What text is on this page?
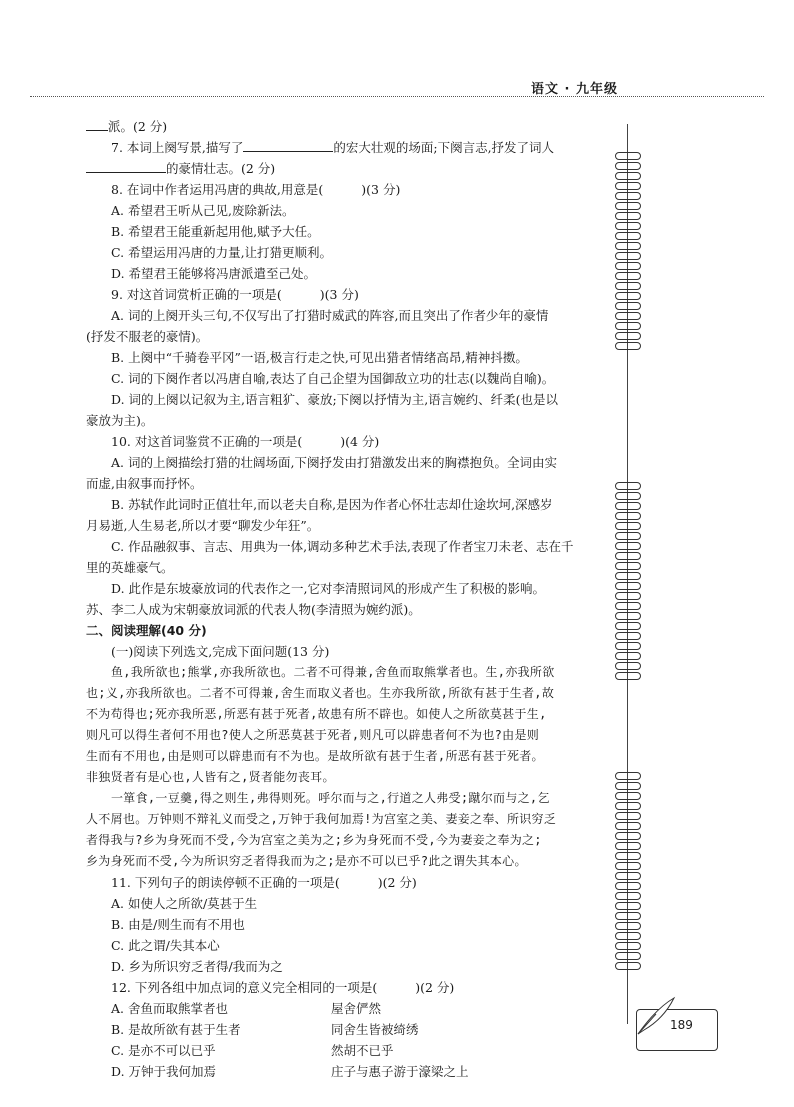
语文 · 九年级
派。(2 分)
7. 本词上阕写景,描写了	的宏大壮观的场面;下阕言志,抒发了词人
的豪情壮志。(2 分)
8. 在词中作者运用冯唐的典故,用意是(	)(3 分)
A. 希望君王听从己见,废除新法。
B. 希望君王能重新起用他,赋予大任。
C. 希望运用冯唐的力量,让打猎更顺利。
D. 希望君王能够将冯唐派遣至己处。
9. 对这首词赏析正确的一项是(	)(3 分)
A. 词的上阕开头三句,不仅写出了打猎时威武的阵容,而且突出了作者少年的豪情
(抒发不服老的豪情)。
B. 上阕中“千骑卷平冈”一语,极言行走之快,可见出猎者情绪高昂,精神抖擞。
C. 词的下阕作者以冯唐自喻,表达了自己企望为国御敌立功的壮志(以魏尚自喻)。
D. 词的上阕以记叙为主,语言粗犷、豪放;下阕以抒情为主,语言婉约、纤柔(也是以
豪放为主)。
10. 对这首词鉴赏不正确的一项是(	)(4 分)
A. 词的上阕描绘打猎的壮阔场面,下阕抒发由打猎激发出来的胸襟抱负。全词由实
而虚,由叙事而抒怀。
B. 苏轼作此词时正值壮年,而以老夫自称,是因为作者心怀壮志却仕途坎坷,深感岁
月易逝,人生易老,所以才要“聊发少年狂”。
C. 作品融叙事、言志、用典为一体,调动多种艺术手法,表现了作者宝刀未老、志在千
里的英雄豪气。
D. 此作是东坡豪放词的代表作之一,它对李清照词风的形成产生了积极的影响。
苏、李二人成为宋朝豪放词派的代表人物(李清照为婉约派)。
二、阅读理解(40 分)
(一)阅读下列选文,完成下面问题(13 分)
鱼,我所欲也;熊掌,亦我所欲也。二者不可得兼,舍鱼而取熊掌者也。生,亦我所欲
也;义,亦我所欲也。二者不可得兼,舍生而取义者也。生亦我所欲,所欲有甚于生者,故
不为苟得也;死亦我所恶,所恶有甚于死者,故患有所不辟也。如使人之所欲莫甚于生,
则凡可以得生者何不用也?使人之所恶莫甚于死者,则凡可以辟患者何不为也?由是则
生而有不用也,由是则可以辟患而有不为也。是故所欲有甚于生者,所恶有甚于死者。
非独贤者有是心也,人皆有之,贤者能勿丧耳。
一箪食,一豆羹,得之则生,弗得则死。呼尔而与之,行道之人弗受;蹴尔而与之,乞
人不屑也。万钟则不辩礼义而受之,万钟于我何加焉!为宫室之美、妻妾之奉、所识穷乏
者得我与?乡为身死而不受,今为宫室之美为之;乡为身死而不受,今为妻妾之奉为之;
乡为身死而不受,今为所识穷乏者得我而为之;是亦不可以已乎?此之谓失其本心。
11. 下列句子的朗读停顿不正确的一项是(	)(2 分)
A. 如使人之所欲/莫甚于生
B. 由是/则生而有不用也
C. 此之谓/失其本心
D. 乡为所识穷乏者得/我而为之
12. 下列各组中加点词的意义完全相同的一项是(	)(2 分)
A. 舍鱼而取熊掌者也	屋舍俨然
B. 是故所欲有甚于生者	同舍生皆被绮绣
C. 是亦不可以已乎	然胡不已乎
D. 万钟于我何加焉	庄子与惠子游于濠梁之上
189
